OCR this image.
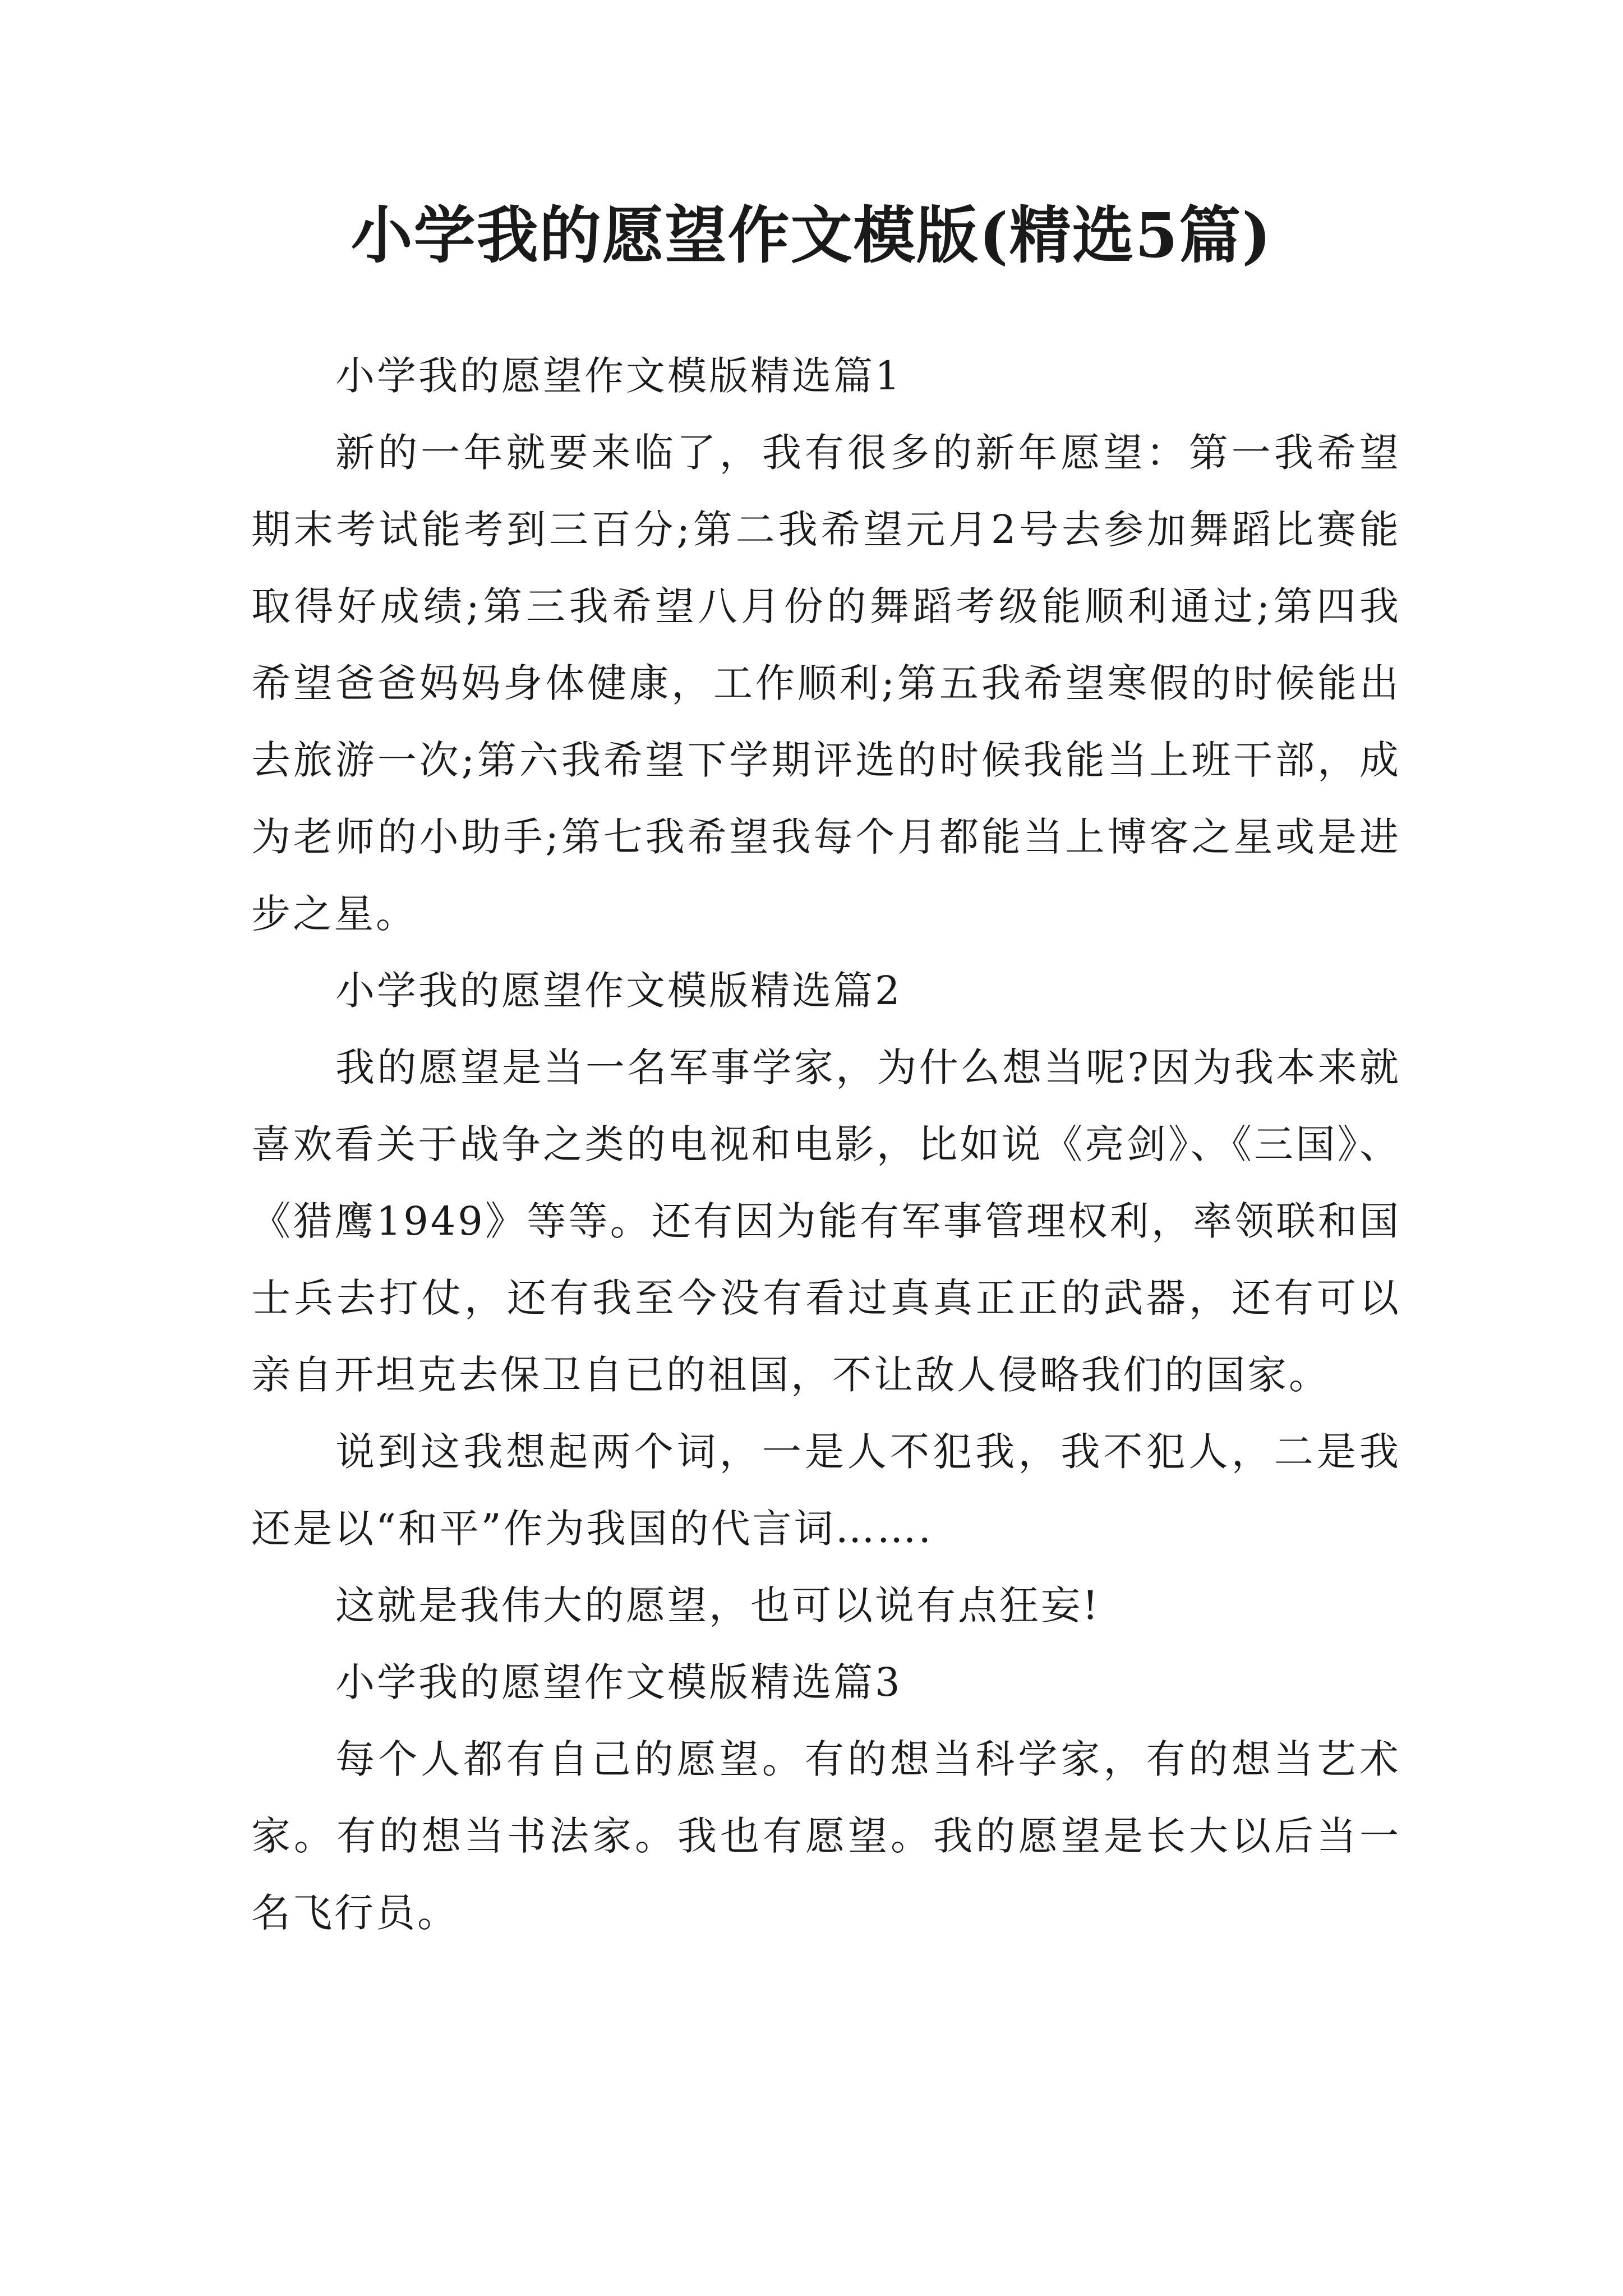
小学我的愿望作文模版(精选5篇)

小学我的愿望作文模版精选篇1

新的一年就要来临了，我有很多的新年愿望：第一我希望期末考试能考到三百分;第二我希望元月2号去参加舞蹈比赛能取得好成绩;第三我希望八月份的舞蹈考级能顺利通过;第四我希望爸爸妈妈身体健康，工作顺利;第五我希望寒假的时候能出去旅游一次;第六我希望下学期评选的时候我能当上班干部，成为老师的小助手;第七我希望我每个月都能当上博客之星或是进步之星。

小学我的愿望作文模版精选篇2

我的愿望是当一名军事学家，为什么想当呢?因为我本来就喜欢看关于战争之类的电视和电影，比如说《亮剑》、《三国》、《猎鹰1949》等等。还有因为能有军事管理权利，率领联和国士兵去打仗，还有我至今没有看过真真正正的武器，还有可以亲自开坦克去保卫自已的祖国，不让敌人侵略我们的国家。

说到这我想起两个词，一是人不犯我，我不犯人，二是我还是以“和平”作为我国的代言词…….

这就是我伟大的愿望，也可以说有点狂妄!

小学我的愿望作文模版精选篇3

每个人都有自己的愿望。有的想当科学家，有的想当艺术家。有的想当书法家。我也有愿望。我的愿望是长大以后当一名飞行员。
